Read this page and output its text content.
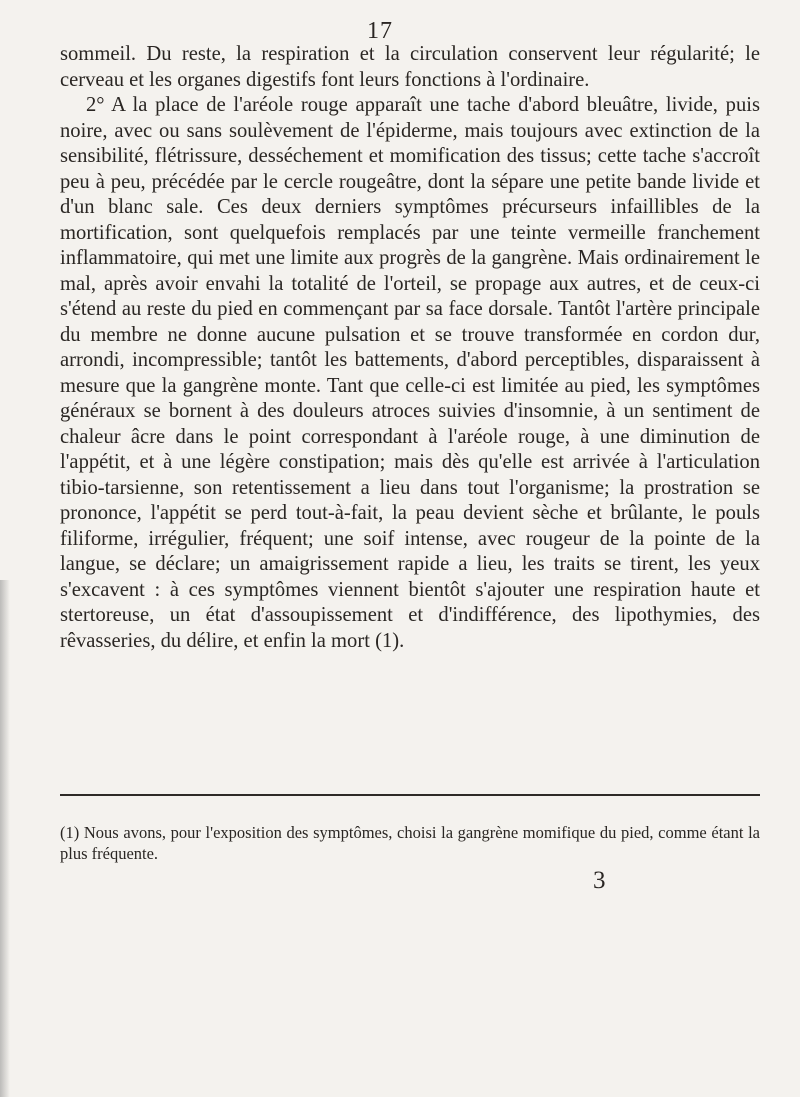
17

sommeil. Du reste, la respiration et la circulation conservent leur régularité; le cerveau et les organes digestifs font leurs fonctions à l'ordinaire.

2° A la place de l'aréole rouge apparaît une tache d'abord bleuâtre, livide, puis noire, avec ou sans soulèvement de l'épiderme, mais toujours avec extinction de la sensibilité, flétrissure, desséchement et momification des tissus; cette tache s'accroît peu à peu, précédée par le cercle rougeâtre, dont la sépare une petite bande livide et d'un blanc sale. Ces deux derniers symptômes précurseurs infaillibles de la mortification, sont quelquefois remplacés par une teinte vermeille franchement inflammatoire, qui met une limite aux progrès de la gangrène. Mais ordinairement le mal, après avoir envahi la totalité de l'orteil, se propage aux autres, et de ceux-ci s'étend au reste du pied en commençant par sa face dorsale. Tantôt l'artère principale du membre ne donne aucune pulsation et se trouve transformée en cordon dur, arrondi, incompressible; tantôt les battements, d'abord perceptibles, disparaissent à mesure que la gangrène monte. Tant que celle-ci est limitée au pied, les symptômes généraux se bornent à des douleurs atroces suivies d'insomnie, à un sentiment de chaleur âcre dans le point correspondant à l'aréole rouge, à une diminution de l'appétit, et à une légère constipation; mais dès qu'elle est arrivée à l'articulation tibio-tarsienne, son retentissement a lieu dans tout l'organisme; la prostration se prononce, l'appétit se perd tout-à-fait, la peau devient sèche et brûlante, le pouls filiforme, irrégulier, fréquent; une soif intense, avec rougeur de la pointe de la langue, se déclare; un amaigrissement rapide a lieu, les traits se tirent, les yeux s'excavent : à ces symptômes viennent bientôt s'ajouter une respiration haute et stertoreuse, un état d'assoupissement et d'indifférence, des lipothymies, des rêvasseries, du délire, et enfin la mort (1).

(1) Nous avons, pour l'exposition des symptômes, choisi la gangrène momifique du pied, comme étant la plus fréquente.
3
